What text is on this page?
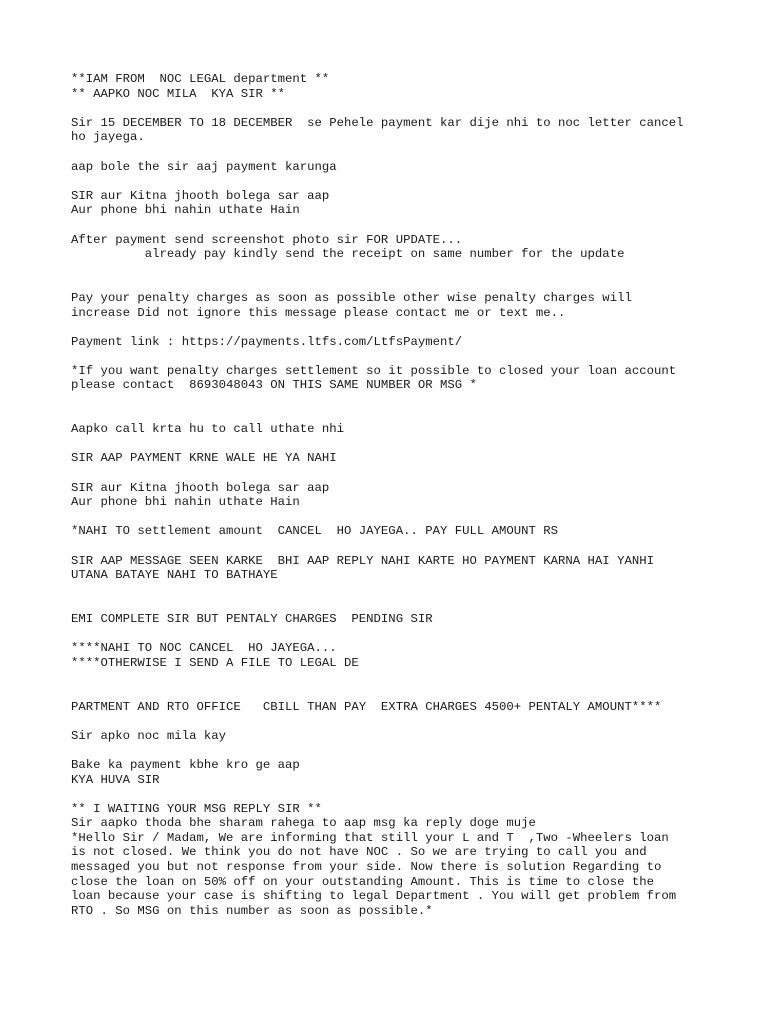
**IAM FROM  NOC LEGAL department **
** AAPKO NOC MILA  KYA SIR **
Sir 15 DECEMBER TO 18 DECEMBER  se Pehele payment kar dije nhi to noc letter cancel
ho jayega.
aap bole the sir aaj payment karunga
SIR aur Kitna jhooth bolega sar aap
Aur phone bhi nahin uthate Hain
After payment send screenshot photo sir FOR UPDATE...
already pay kindly send the receipt on same number for the update
Pay your penalty charges as soon as possible other wise penalty charges will
increase Did not ignore this message please contact me or text me..
Payment link : https://payments.ltfs.com/LtfsPayment/
*If you want penalty charges settlement so it possible to closed your loan account
please contact  8693048043 ON THIS SAME NUMBER OR MSG *
Aapko call krta hu to call uthate nhi
SIR AAP PAYMENT KRNE WALE HE YA NAHI
SIR aur Kitna jhooth bolega sar aap
Aur phone bhi nahin uthate Hain
*NAHI TO settlement amount  CANCEL  HO JAYEGA.. PAY FULL AMOUNT RS
SIR AAP MESSAGE SEEN KARKE  BHI AAP REPLY NAHI KARTE HO PAYMENT KARNA HAI YANHI
UTANA BATAYE NAHI TO BATHAYE
EMI COMPLETE SIR BUT PENTALY CHARGES  PENDING SIR
****NAHI TO NOC CANCEL  HO JAYEGA...
****OTHERWISE I SEND A FILE TO LEGAL DE
PARTMENT AND RTO OFFICE   CBILL THAN PAY  EXTRA CHARGES 4500+ PENTALY AMOUNT****
Sir apko noc mila kay
Bake ka payment kbhe kro ge aap
KYA HUVA SIR
** I WAITING YOUR MSG REPLY SIR **
Sir aapko thoda bhe sharam rahega to aap msg ka reply doge muje
*Hello Sir / Madam, We are informing that still your L and T  ,Two -Wheelers loan
is not closed. We think you do not have NOC . So we are trying to call you and
messaged you but not response from your side. Now there is solution Regarding to
close the loan on 50% off on your outstanding Amount. This is time to close the
loan because your case is shifting to legal Department . You will get problem from
RTO . So MSG on this number as soon as possible.*
